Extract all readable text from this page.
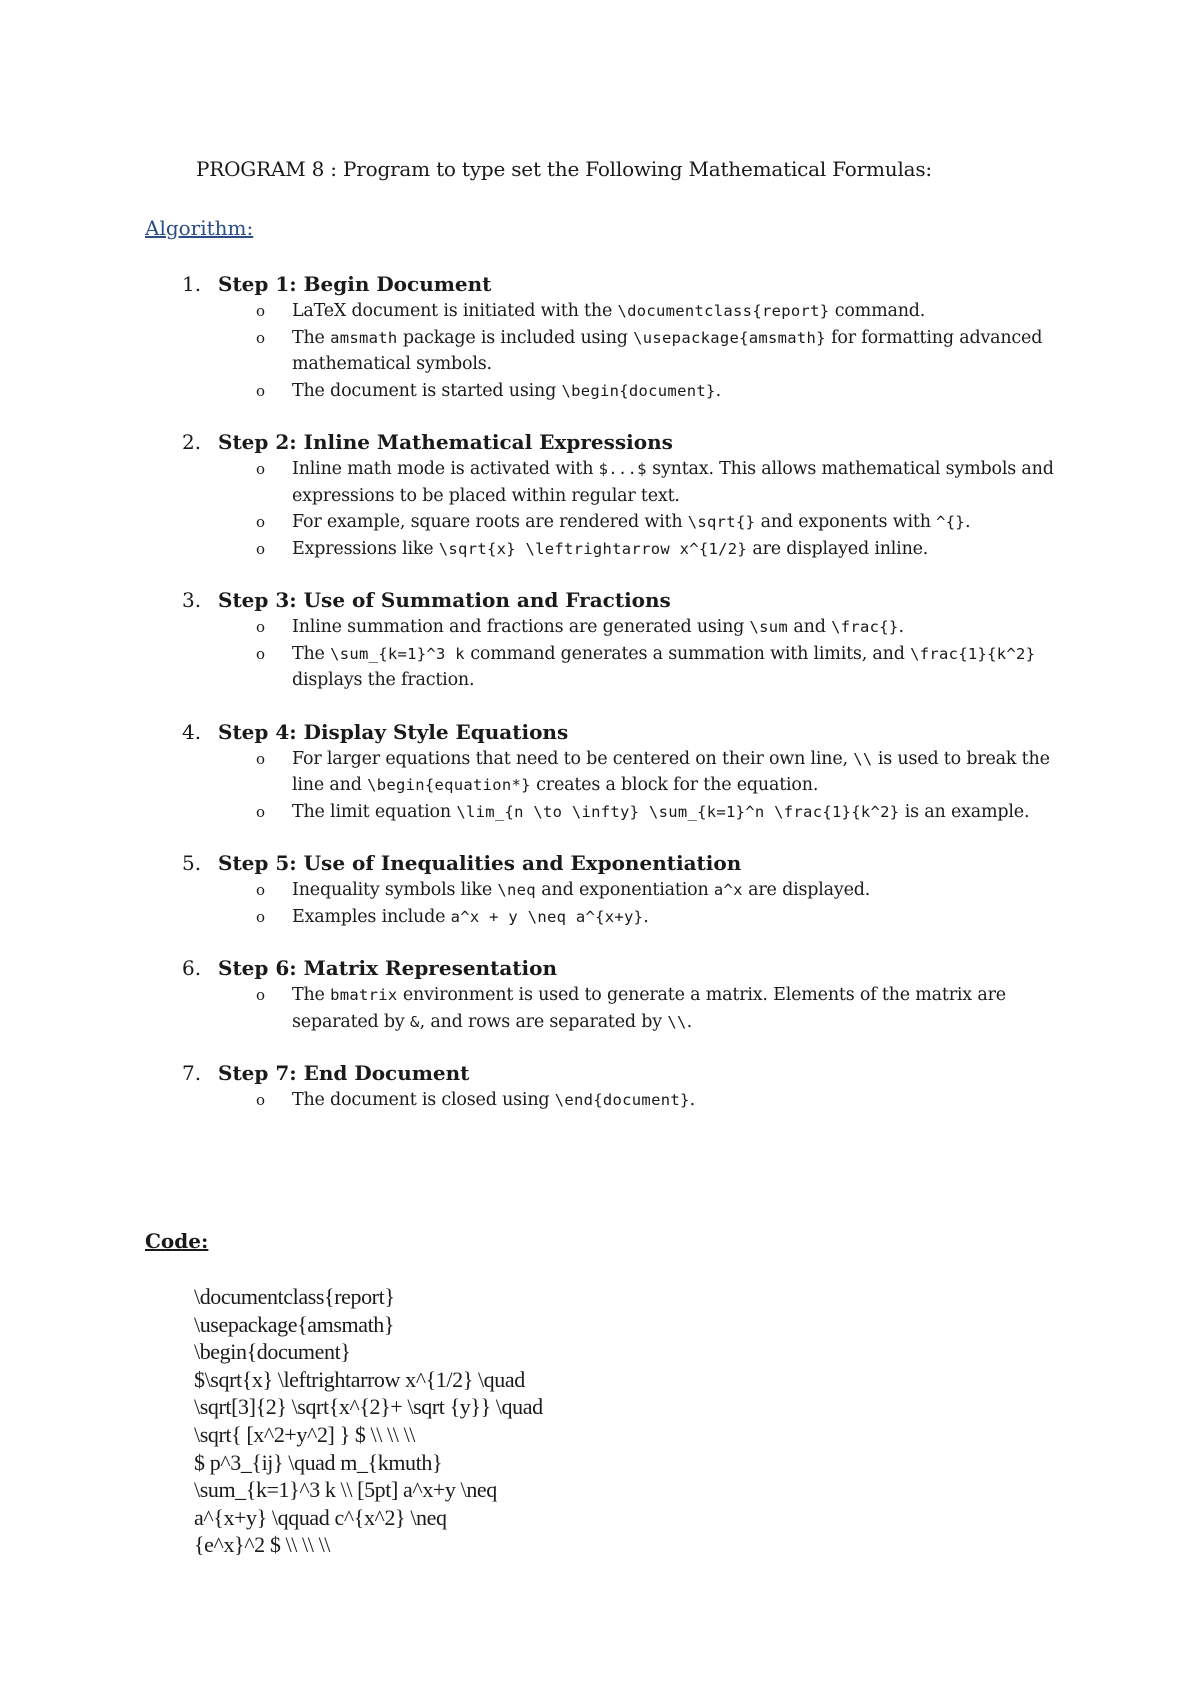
PROGRAM 8 : Program to type set the Following Mathematical Formulas:
Algorithm:
1. Step 1: Begin Document
o LaTeX document is initiated with the \documentclass{report} command.
o The amsmath package is included using \usepackage{amsmath} for formatting advanced mathematical symbols.
o The document is started using \begin{document}.
2. Step 2: Inline Mathematical Expressions
o Inline math mode is activated with $...$ syntax. This allows mathematical symbols and expressions to be placed within regular text.
o For example, square roots are rendered with \sqrt{} and exponents with ^{}.
o Expressions like \sqrt{x} \leftrightarrow x^{1/2} are displayed inline.
3. Step 3: Use of Summation and Fractions
o Inline summation and fractions are generated using \sum and \frac{}.
o The \sum_{k=1}^3 k command generates a summation with limits, and \frac{1}{k^2} displays the fraction.
4. Step 4: Display Style Equations
o For larger equations that need to be centered on their own line, \\ is used to break the line and \begin{equation*} creates a block for the equation.
o The limit equation \lim_{n \to \infty} \sum_{k=1}^n \frac{1}{k^2} is an example.
5. Step 5: Use of Inequalities and Exponentiation
o Inequality symbols like \neq and exponentiation a^x are displayed.
o Examples include a^x + y \neq a^{x+y}.
6. Step 6: Matrix Representation
o The bmatrix environment is used to generate a matrix. Elements of the matrix are separated by &, and rows are separated by \\.
7. Step 7: End Document
o The document is closed using \end{document}.
Code:
\documentclass{report}
\usepackage{amsmath}
\begin{document}
$\sqrt{x} \leftrightarrow x^{1/2} \quad
\sqrt[3]{2} \sqrt{x^{2}+ \sqrt {y}} \quad
\sqrt{ [x^2+y^2] } $ \\ \\ \\
$ p^3_{ij} \quad m_{kmuth}
\sum_{k=1}^3 k \\ [5pt] a^x+y \neq
a^{x+y} \qquad c^{x^2} \neq
{e^x}^2 $ \\ \\ \\
